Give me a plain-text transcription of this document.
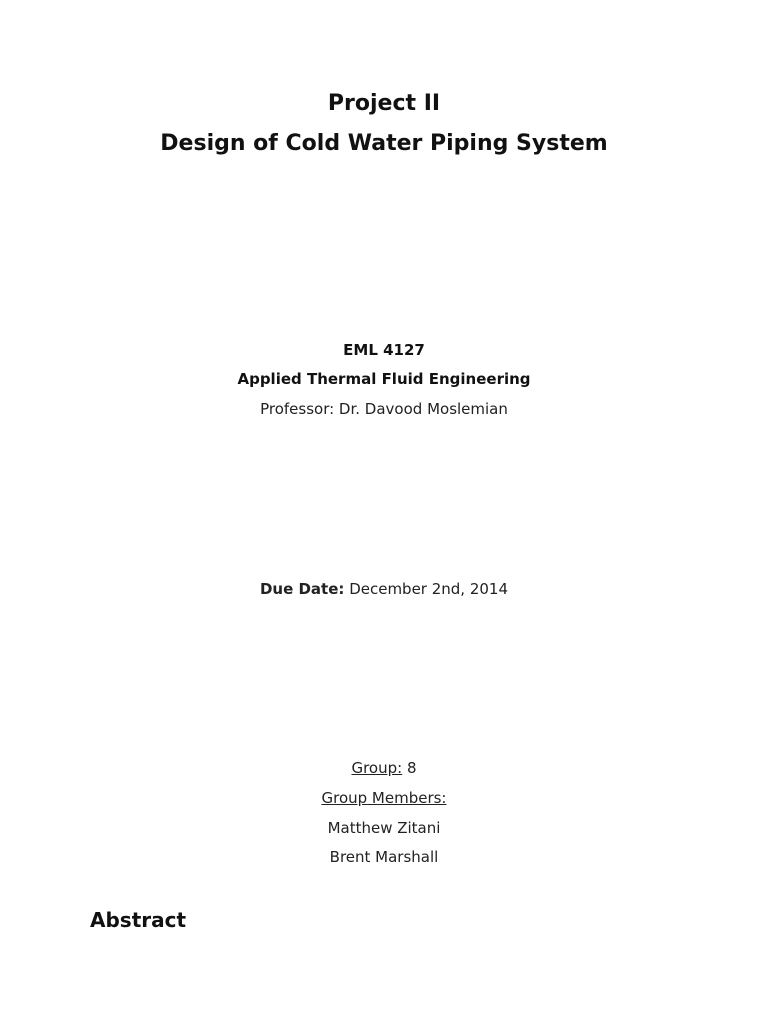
Project II
Design of Cold Water Piping System
EML 4127
Applied Thermal Fluid Engineering
Professor: Dr. Davood Moslemian
Due Date: December 2nd, 2014
Group: 8
Group Members:
Matthew Zitani
Brent Marshall
Abstract
